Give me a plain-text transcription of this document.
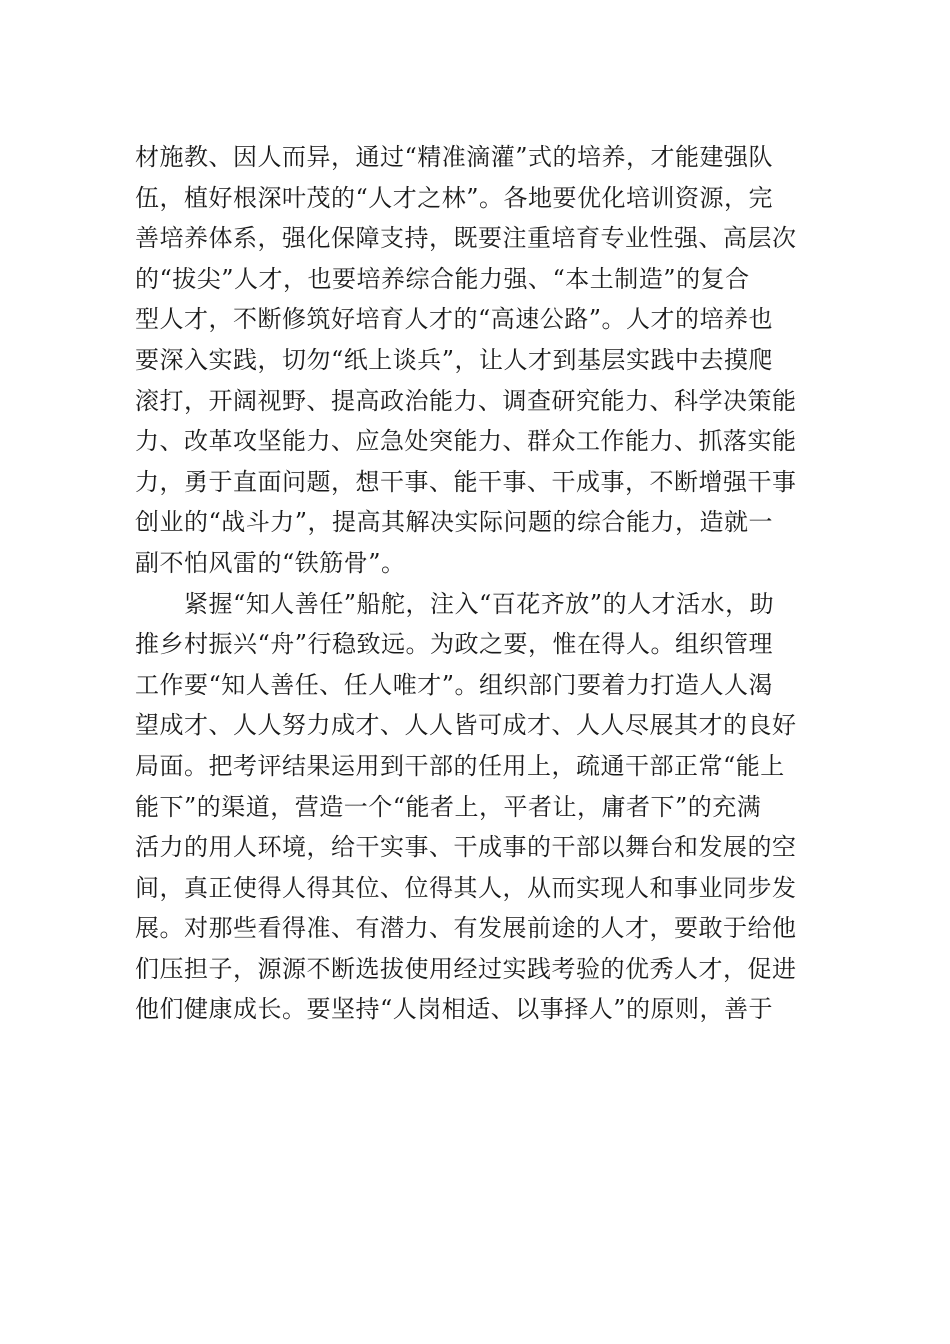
材施教、因人而异，通过“精准滴灌”式的培养，才能建强队
伍，植好根深叶茂的“人才之林”。各地要优化培训资源，完
善培养体系，强化保障支持，既要注重培育专业性强、高层次
的“拔尖”人才，也要培养综合能力强、“本土制造”的复合
型人才，不断修筑好培育人才的“高速公路”。人才的培养也
要深入实践，切勿“纸上谈兵”，让人才到基层实践中去摸爬
滚打，开阔视野、提高政治能力、调查研究能力、科学决策能
力、改革攻坚能力、应急处突能力、群众工作能力、抓落实能
力，勇于直面问题，想干事、能干事、干成事，不断增强干事
创业的“战斗力”，提高其解决实际问题的综合能力，造就一
副不怕风雷的“铁筋骨”。
　　紧握“知人善任”船舵，注入“百花齐放”的人才活水，助
推乡村振兴“舟”行稳致远。为政之要，惟在得人。组织管理
工作要“知人善任、任人唯才”。组织部门要着力打造人人渴
望成才、人人努力成才、人人皆可成才、人人尽展其才的良好
局面。把考评结果运用到干部的任用上，疏通干部正常“能上
能下”的渠道，营造一个“能者上，平者让，庸者下”的充满
活力的用人环境，给干实事、干成事的干部以舞台和发展的空
间，真正使得人得其位、位得其人，从而实现人和事业同步发
展。对那些看得准、有潜力、有发展前途的人才，要敢于给他
们压担子，源源不断选拔使用经过实践考验的优秀人才，促进
他们健康成长。要坚持“人岗相适、以事择人”的原则，善于
